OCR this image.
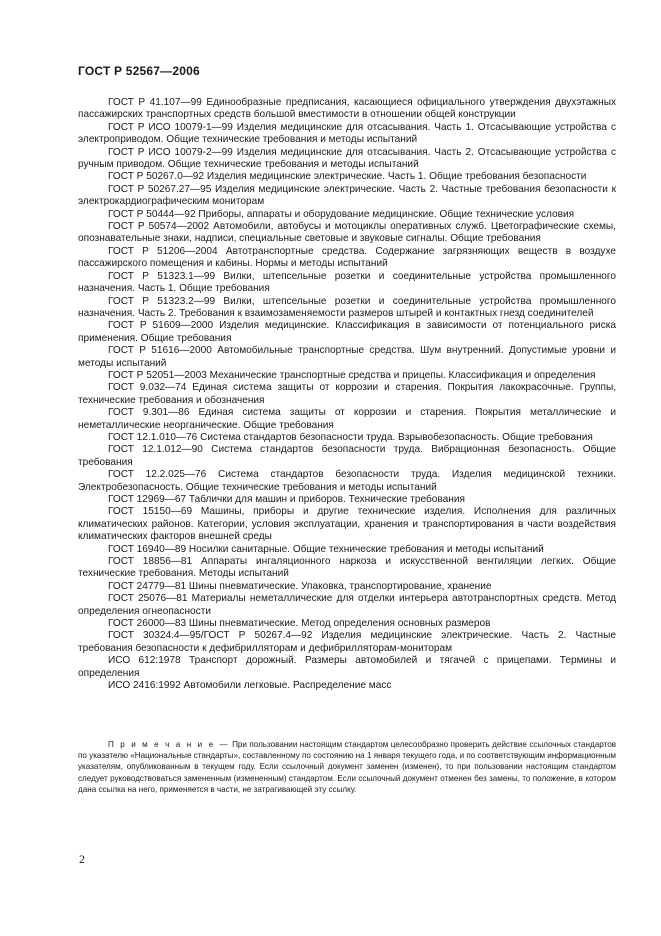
ГОСТ Р 52567—2006

ГОСТ Р 41.107—99 Единообразные предписания, касающиеся официального утверждения двухэтажных пассажирских транспортных средств большой вместимости в отношении общей конструкции

ГОСТ Р ИСО 10079-1—99 Изделия медицинские для отсасывания. Часть 1. Отсасывающие устройства с электроприводом. Общие технические требования и методы испытаний

ГОСТ Р ИСО 10079-2—99 Изделия медицинские для отсасывания. Часть 2. Отсасывающие устройства с ручным приводом. Общие технические требования и методы испытаний

ГОСТ Р 50267.0—92 Изделия медицинские электрические. Часть 1. Общие требования безопасности

ГОСТ Р 50267.27—95 Изделия медицинские электрические. Часть 2. Частные требования безопасности к электрокардиографическим мониторам

ГОСТ Р 50444—92 Приборы, аппараты и оборудование медицинские. Общие технические условия

ГОСТ Р 50574—2002 Автомобили, автобусы и мотоциклы оперативных служб. Цветографические схемы, опознавательные знаки, надписи, специальные световые и звуковые сигналы. Общие требования

ГОСТ Р 51206—2004 Автотранспортные средства. Содержание загрязняющих веществ в воздухе пассажирского помещения и кабины. Нормы и методы испытаний

ГОСТ Р 51323.1—99 Вилки, штепсельные розетки и соединительные устройства промышленного назначения. Часть 1. Общие требования

ГОСТ Р 51323.2—99 Вилки, штепсельные розетки и соединительные устройства промышленного назначения. Часть 2. Требования к взаимозаменяемости размеров штырей и контактных гнезд соединителей

ГОСТ Р 51609—2000 Изделия медицинские. Классификация в зависимости от потенциального риска применения. Общие требования

ГОСТ Р 51616—2000 Автомобильные транспортные средства. Шум внутренний. Допустимые уровни и методы испытаний

ГОСТ Р 52051—2003 Механические транспортные средства и прицепы. Классификация и определения

ГОСТ 9.032—74 Единая система защиты от коррозии и старения. Покрытия лакокрасочные. Группы, технические требования и обозначения

ГОСТ 9.301—86 Единая система защиты от коррозии и старения. Покрытия металлические и неметаллические неорганические. Общие требования

ГОСТ 12.1.010—76 Система стандартов безопасности труда. Взрывобезопасность. Общие требования

ГОСТ 12.1.012—90 Система стандартов безопасности труда. Вибрационная безопасность. Общие требования

ГОСТ 12.2.025—76 Система стандартов безопасности труда. Изделия медицинской техники. Электробезопасность. Общие технические требования и методы испытаний

ГОСТ 12969—67 Таблички для машин и приборов. Технические требования

ГОСТ 15150—69 Машины, приборы и другие технические изделия. Исполнения для различных климатических районов. Категории, условия эксплуатации, хранения и транспортирования в части воздействия климатических факторов внешней среды

ГОСТ 16940—89 Носилки санитарные. Общие технические требования и методы испытаний

ГОСТ 18856—81 Аппараты ингаляционного наркоза и искусственной вентиляции легких. Общие технические требования. Методы испытаний

ГОСТ 24779—81 Шины пневматические. Упаковка, транспортирование, хранение

ГОСТ 25076—81 Материалы неметаллические для отделки интерьера автотранспортных средств. Метод определения огнеопасности

ГОСТ 26000—83 Шины пневматические. Метод определения основных размеров

ГОСТ 30324.4—95/ГОСТ Р 50267.4—92 Изделия медицинские электрические. Часть 2. Частные требования безопасности к дефибрилляторам и дефибрилляторам-мониторам

ИСО 612:1978 Транспорт дорожный. Размеры автомобилей и тягачей с прицепами. Термины и определения

ИСО 2416:1992 Автомобили легковые. Распределение масс

П р и м е ч а н и е — При пользовании настоящим стандартом целесообразно проверить действие ссылочных стандартов по указателю «Национальные стандарты», составленному по состоянию на 1 января текущего года, и по соответствующим информационным указателям, опубликованным в текущем году. Если ссылочный документ заменен (изменен), то при пользовании настоящим стандартом следует руководствоваться замененным (измененным) стандартом. Если ссылочный документ отменен без замены, то положение, в котором дана ссылка на него, применяется в части, не затрагивающей эту ссылку.

2
